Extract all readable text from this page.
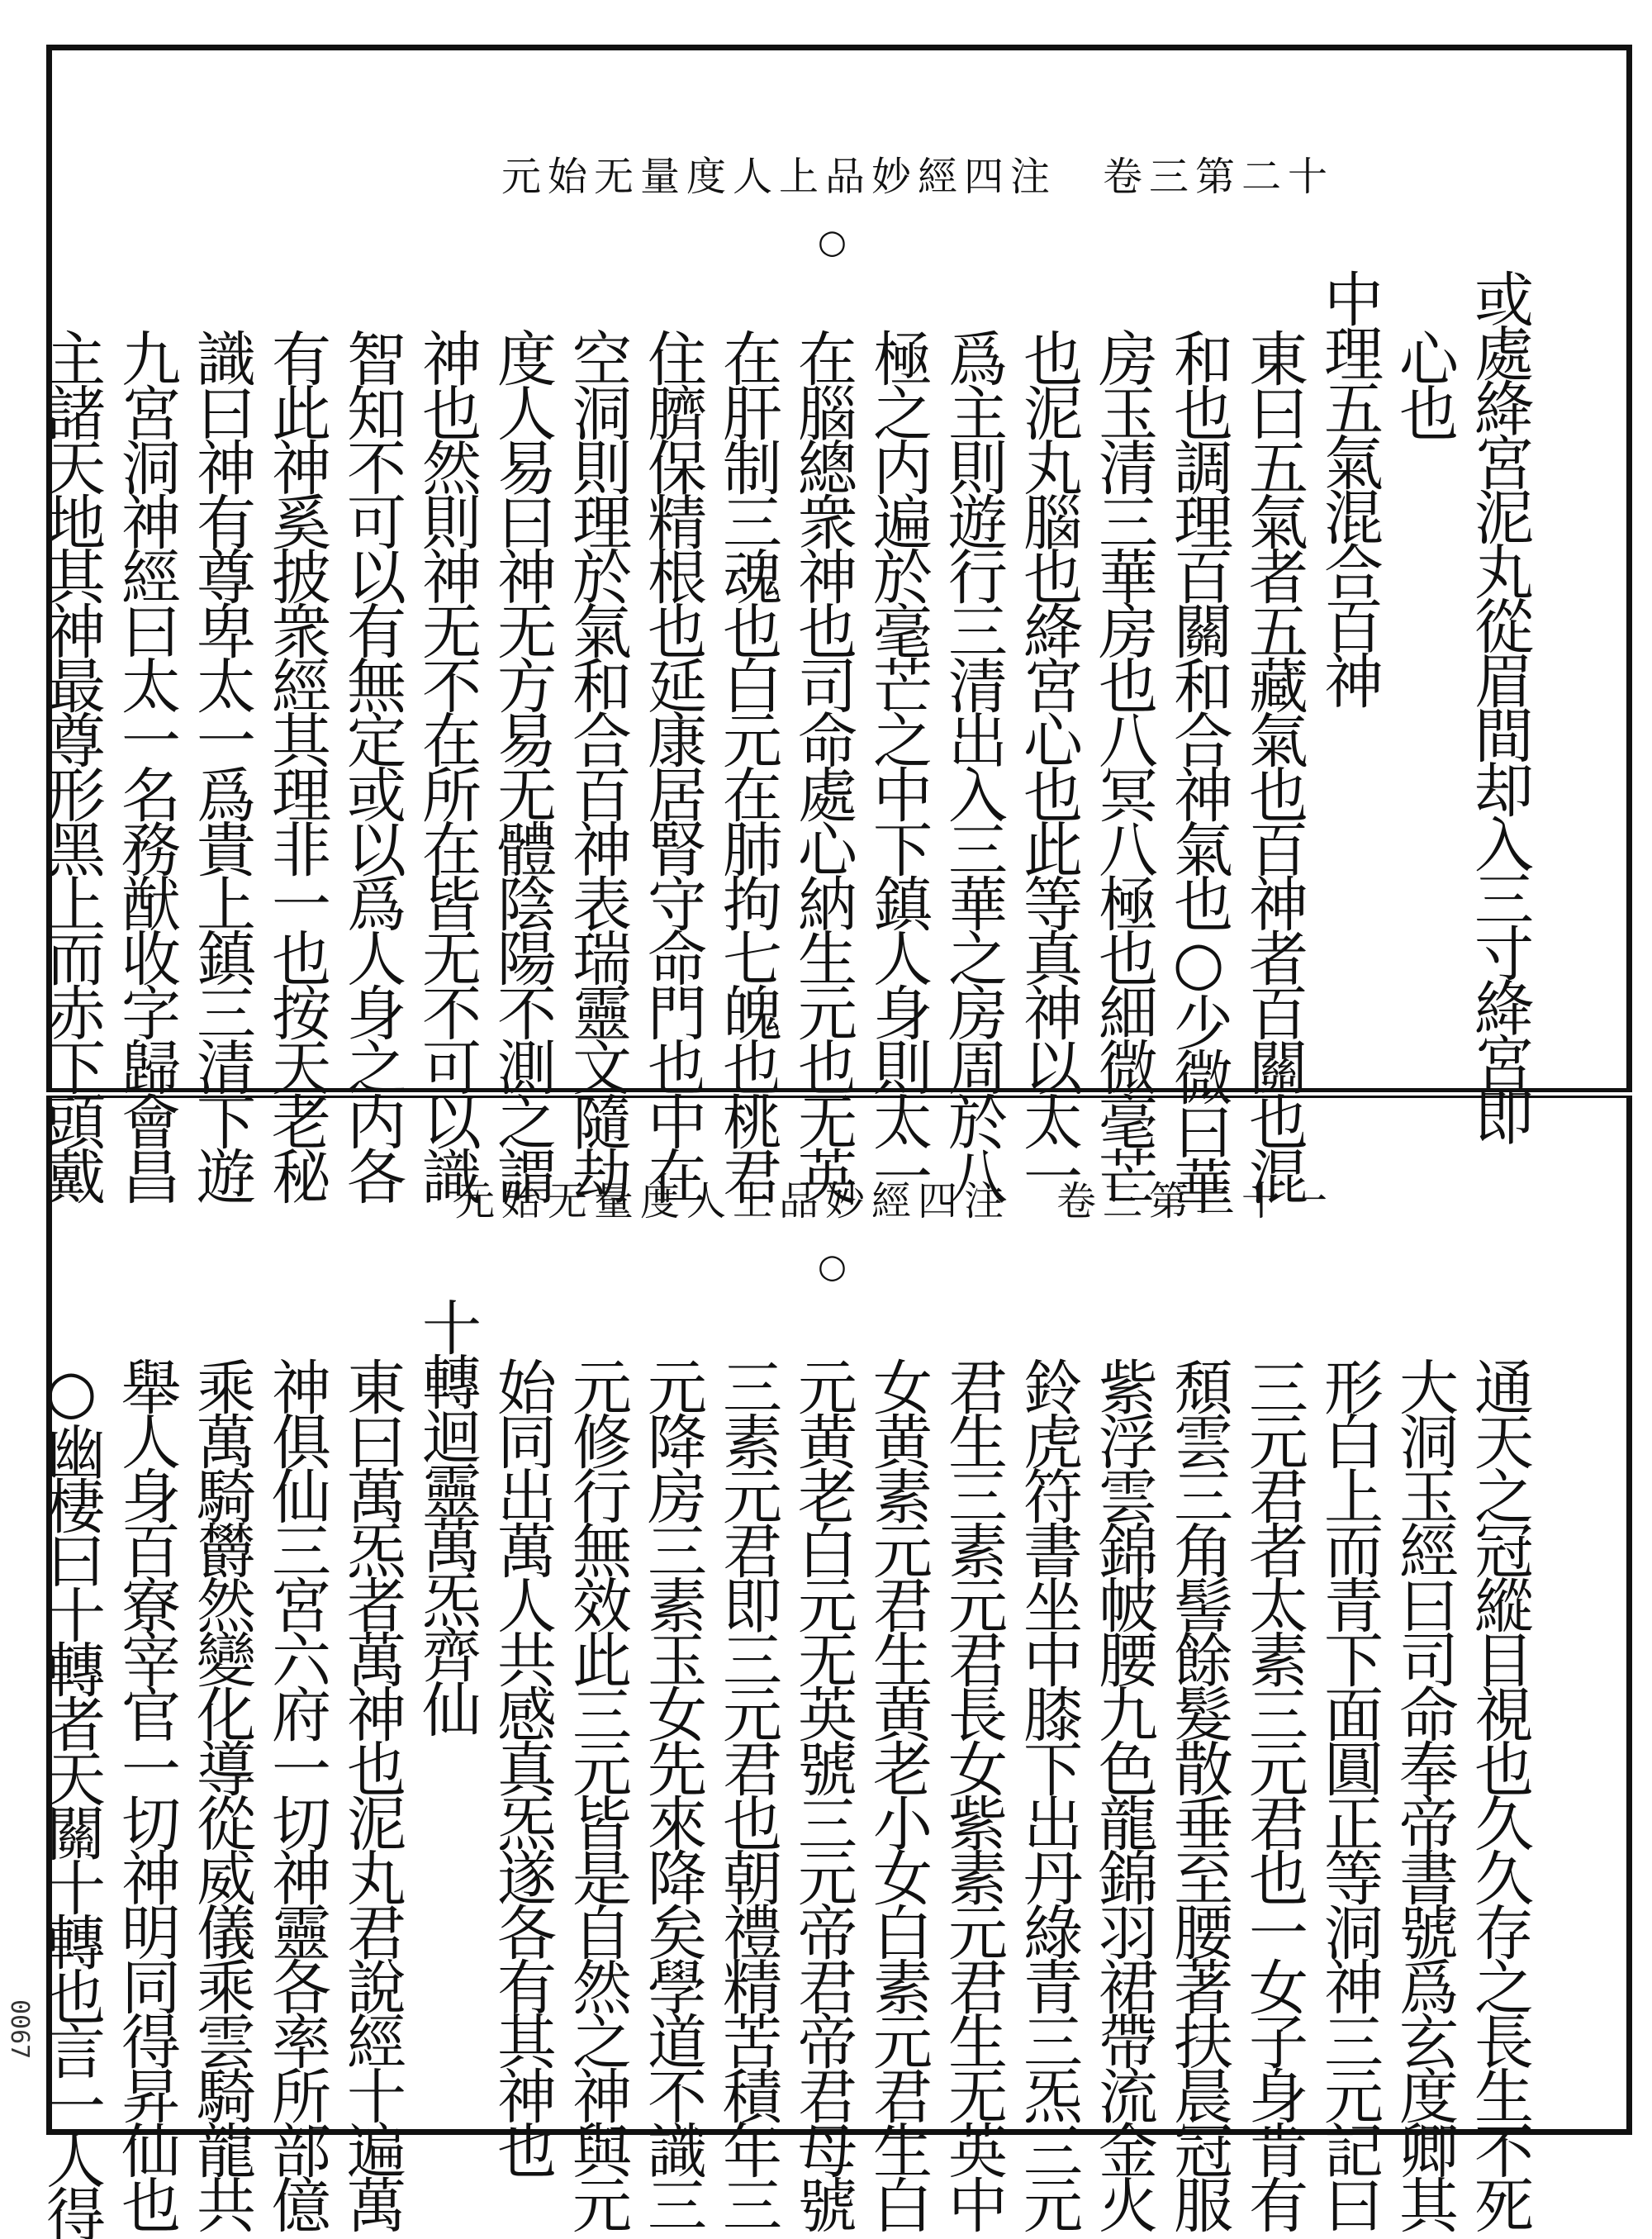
元始无量度人上品妙經四注　卷三第二十
○
或處絳宮泥丸從眉間却入三寸絳宮即
心也
中理五氣混合百神
東曰五氣者五藏氣也百神者百關也混
和也調理百關和合神氣也○少微曰華
房玉清三華房也八冥八極也細微毫芒
也泥丸腦也絳宮心也此等真神以太一
爲主則遊行三清出入三華之房周於八
極之内遍於毫芒之中下鎮人身則太一
在腦總衆神也司命處心納生元也无英
在肝制三魂也白元在肺拘七魄也桃君
住臍保精根也延康居腎守命門也中在
空洞則理於氣和合百神表瑞靈文隨劫
度人易曰神无方易无體陰陽不測之謂
神也然則神无不在所在皆无不可以識
智知不可以有無定或以爲人身之内各
有此神奚披衆經其理非一也按天老秘
識曰神有尊卑太一爲貴上鎮三清下遊
九宮洞神經曰太一名務猷收字歸會昌
主諸天地其神最尊形黑上而赤下頭戴
元始无量度人上品妙經四注　卷三第二十一
○
通天之冠縱目視也久久存之長生不死
大洞玉經曰司命奉帝書號爲玄度卿其
形白上而青下面圓正等洞神三元記曰
三元君者太素三元君也一女子身肯有
頹雲三角髻餘髮散垂至腰著扶晨冠服
紫浮雲錦帔腰九色龍錦羽裙帶流金火
鈴虎符書坐中膝下出丹綠青三炁三元
君生三素元君長女紫素元君生无英中
女黄素元君生黄老小女白素元君生白
元黄老白元无英號三元帝君帝君母號
三素元君即三元君也朝禮精苦積年三
元降房三素玉女先來降矣學道不識三
元修行無效此三元皆是自然之神與元
始同出萬人共感真炁遂各有其神也
十轉迴靈萬炁齊仙
東曰萬炁者萬神也泥丸君說經十遍萬
神俱仙三宮六府一切神靈各率所部億
乘萬騎欝然變化導從威儀乘雲騎龍共
舉人身百寮宰官一切神明同得昇仙也
○幽棲曰十轉者天關十轉也言一人得
0067
